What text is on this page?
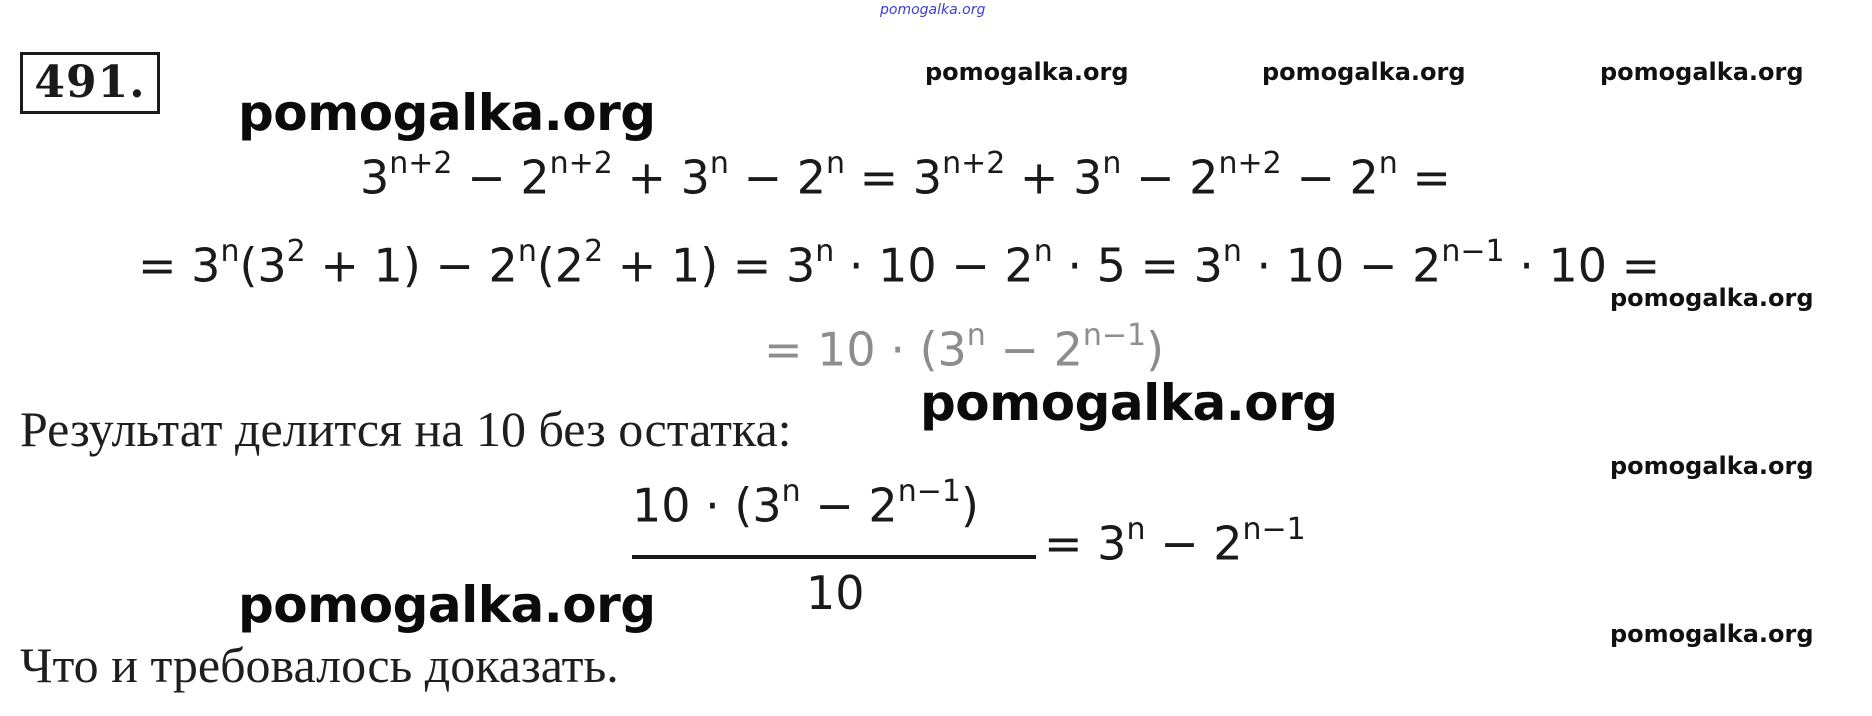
pomogalka.org
491.	pomogalka.org	pomogalka.org	pomogalka.org
pomogalka.org
$3^{n+2} - 2^{n+2} + 3^n - 2^n = 3^{n+2} + 3^n - 2^{n+2} - 2^n$ =
= $3^n(3^2 + 1) - 2^n(2^2 + 1) = 3^n \cdot 10 - 2^n \cdot 5 = 3^n \cdot 10 - 2^{n-1} \cdot 10$ =
pomogalka.org
= $10 \cdot (3^n - 2^{n-1})$
pomogalka.org
Результат делится на 10 без остатка:
pomogalka.org
$10 \cdot (3^n - 2^{n-1})$
10
= $3^n - 2^{n-1}$
pomogalka.org	pomogalka.org
Что и требовалось доказать.
